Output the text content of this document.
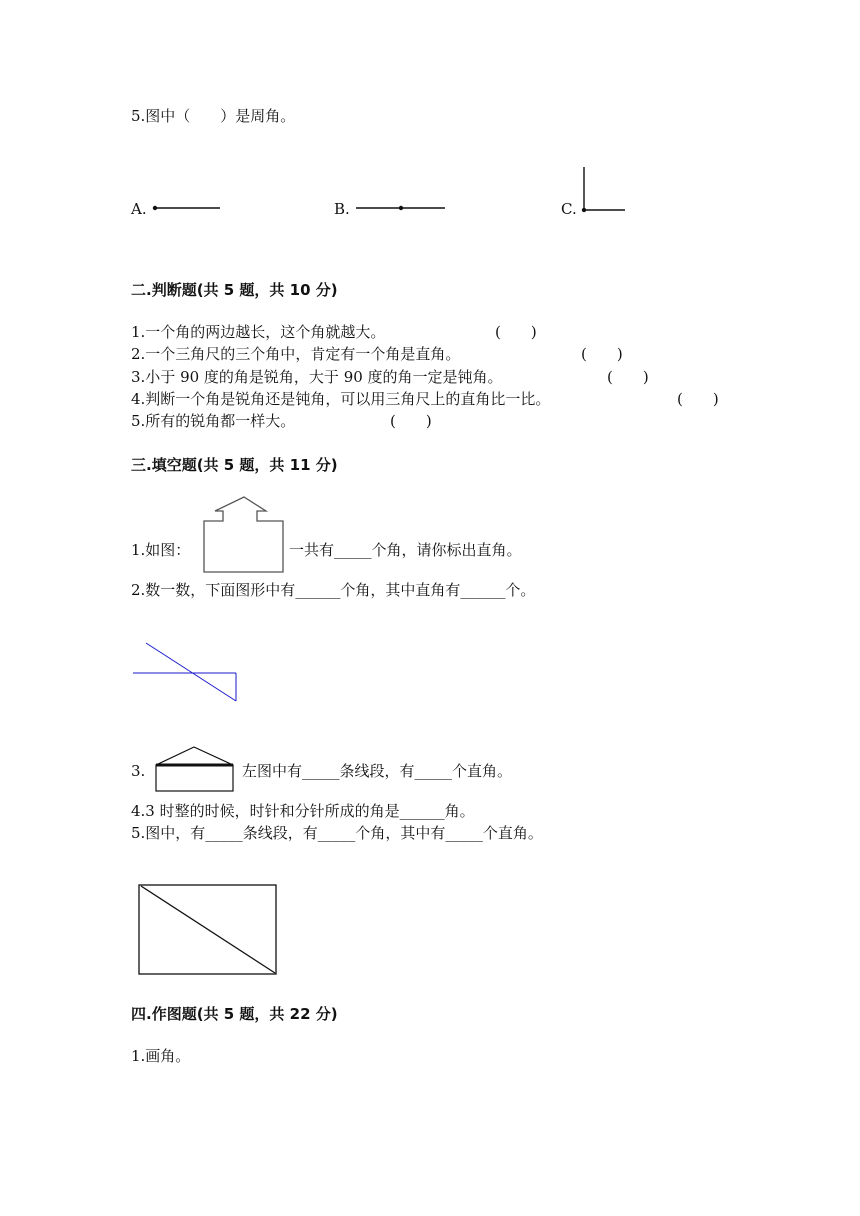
5.图中（　　）是周角。
A.	B.	C.
二.判断题(共 5 题，共 10 分)
1.一个角的两边越长，这个角就越大。	(　　)
2.一个三角尺的三个角中，肯定有一个角是直角。	(　　)
3.小于 90 度的角是锐角，大于 90 度的角一定是钝角。	(　　)
4.判断一个角是锐角还是钝角，可以用三角尺上的直角比一比。	(　　)
5.所有的锐角都一样大。	(　　)
三.填空题(共 5 题，共 11 分)
1.如图：	一共有_____个角，请你标出直角。
2.数一数，下面图形中有______个角，其中直角有______个。
3.	左图中有_____条线段，有_____个直角。
4.3 时整的时候，时针和分针所成的角是______角。
5.图中，有_____条线段，有_____个角，其中有_____个直角。
四.作图题(共 5 题，共 22 分)
1.画角。
